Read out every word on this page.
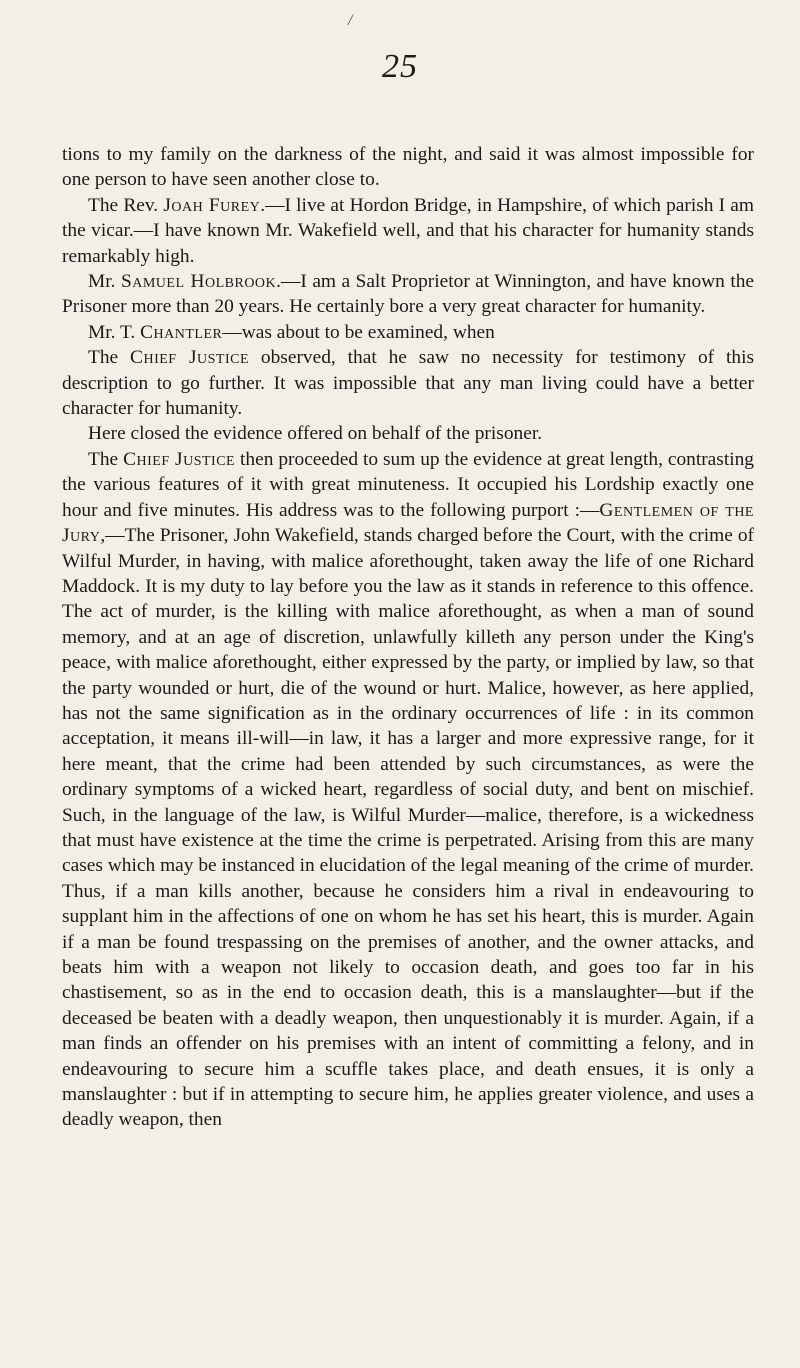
/
25

tions to my family on the darkness of the night, and said it was almost impossible for one person to have seen another close to.

The Rev. Joah Furey.—I live at Hordon Bridge, in Hampshire, of which parish I am the vicar.—I have known Mr. Wakefield well, and that his character for humanity stands remarkably high.

Mr. Samuel Holbrook.—I am a Salt Proprietor at Winnington, and have known the Prisoner more than 20 years. He certainly bore a very great character for humanity.

Mr. T. Chantler—was about to be examined, when

The Chief Justice observed, that he saw no necessity for testimony of this description to go further. It was impossible that any man living could have a better character for humanity.

Here closed the evidence offered on behalf of the prisoner.

The Chief Justice then proceeded to sum up the evidence at great length, contrasting the various features of it with great minuteness. It occupied his Lordship exactly one hour and five minutes. His address was to the following purport :—Gentlemen of the Jury,—The Prisoner, John Wakefield, stands charged before the Court, with the crime of Wilful Murder, in having, with malice aforethought, taken away the life of one Richard Maddock. It is my duty to lay before you the law as it stands in reference to this offence. The act of murder, is the killing with malice aforethought, as when a man of sound memory, and at an age of discretion, unlawfully killeth any person under the King's peace, with malice aforethought, either expressed by the party, or implied by law, so that the party wounded or hurt, die of the wound or hurt. Malice, however, as here applied, has not the same signification as in the ordinary occurrences of life : in its common acceptation, it means ill-will—in law, it has a larger and more expressive range, for it here meant, that the crime had been attended by such circumstances, as were the ordinary symptoms of a wicked heart, regardless of social duty, and bent on mischief. Such, in the language of the law, is Wilful Murder—malice, therefore, is a wickedness that must have existence at the time the crime is perpetrated. Arising from this are many cases which may be instanced in elucidation of the legal meaning of the crime of murder. Thus, if a man kills another, because he considers him a rival in endeavouring to supplant him in the affections of one on whom he has set his heart, this is murder. Again if a man be found trespassing on the premises of another, and the owner attacks, and beats him with a weapon not likely to occasion death, and goes too far in his chastisement, so as in the end to occasion death, this is a manslaughter—but if the deceased be beaten with a deadly weapon, then unquestionably it is murder. Again, if a man finds an offender on his premises with an intent of committing a felony, and in endeavouring to secure him a scuffle takes place, and death ensues, it is only a manslaughter : but if in attempting to secure him, he applies greater violence, and uses a deadly weapon, then
